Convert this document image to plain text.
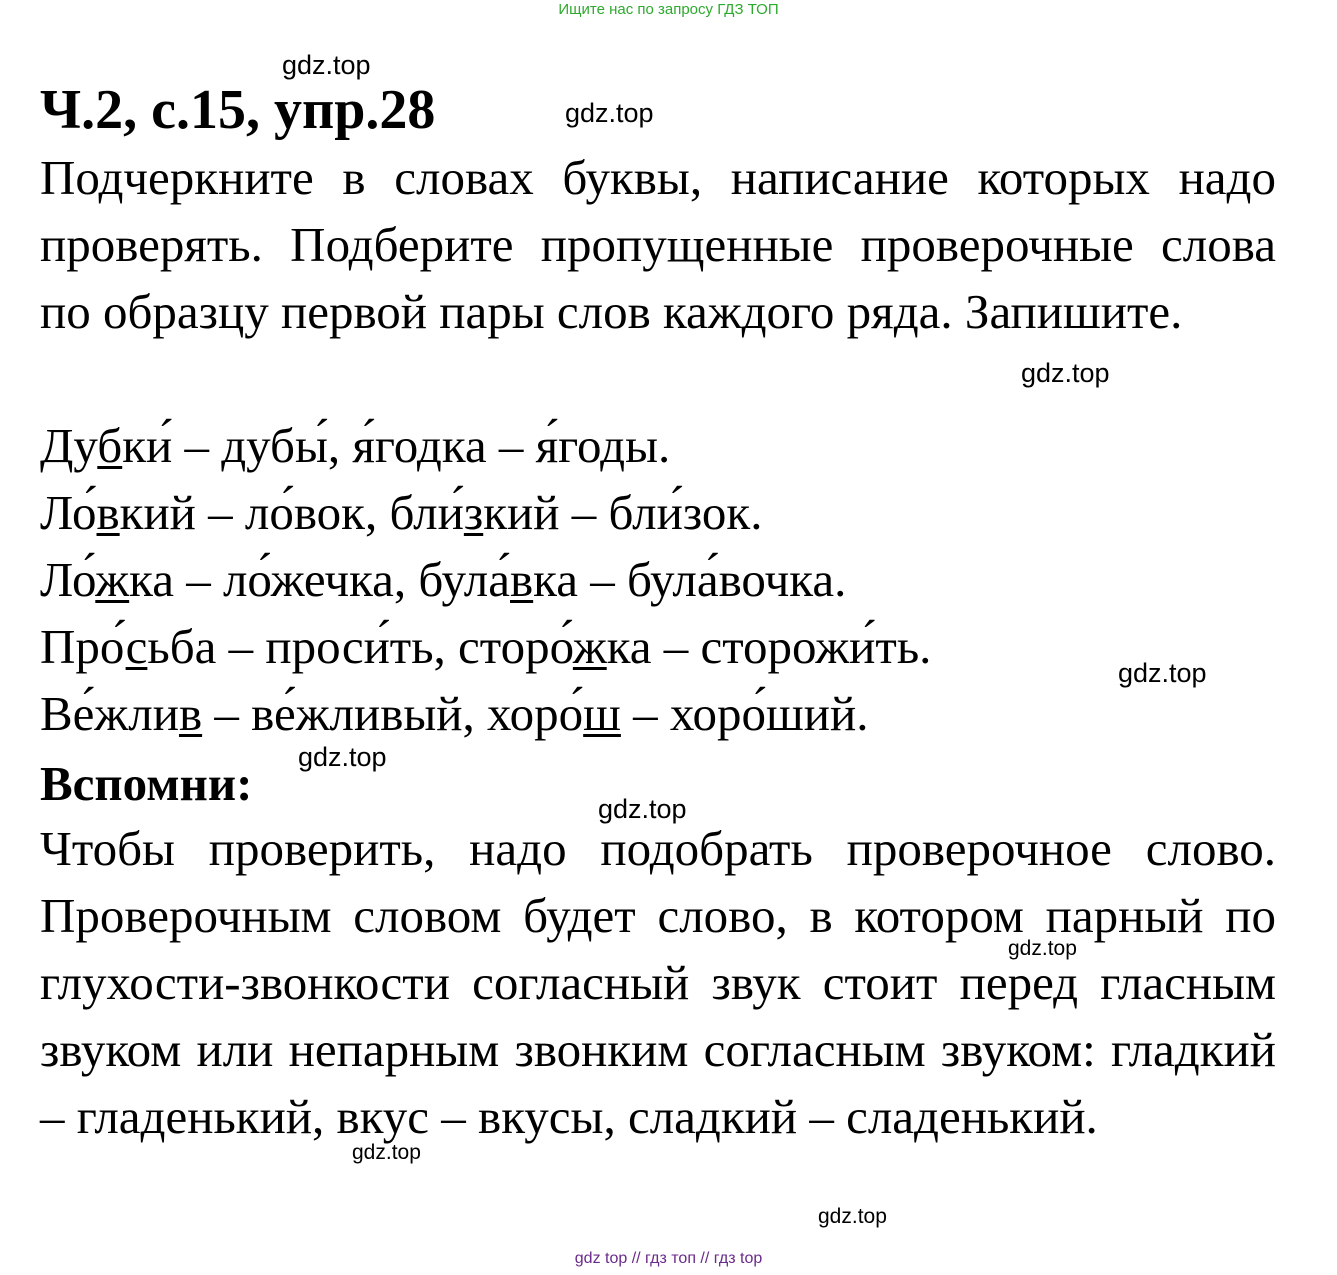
Ищите нас по запросу ГДЗ ТОП
gdz.top
Ч.2, с.15, упр.28	gdz.top

Подчеркните в словах буквы, написание которых надо проверять. Подберите пропущенные проверочные слова по образцу первой пары слов каждого ряда. Запишите.

gdz.top
Дубки́ – дубы́, я́годка – я́годы.
Ло́вкий – ло́вок, бли́зкий – бли́зок.
Ло́жка – ло́жечка, була́вка – була́вочка.
Про́сьба – проси́ть, сторо́жка – сторожи́ть.	gdz.top
Ве́жлив – ве́жливый, хоро́ш – хоро́ший.
Вспомни: gdz.top
gdz.top

Чтобы проверить, надо подобрать проверочное слово. Проверочным словом будет слово, в котором парный по глухости-звонкости согласный звук стоит перед гласным звуком или непарным звонким согласным звуком: гладкий – гладенький, вкус – вкусы, сладкий – сладенький.

gdz.top
gdz.top
gdz.top
gdz top // гдз топ // гдз top
